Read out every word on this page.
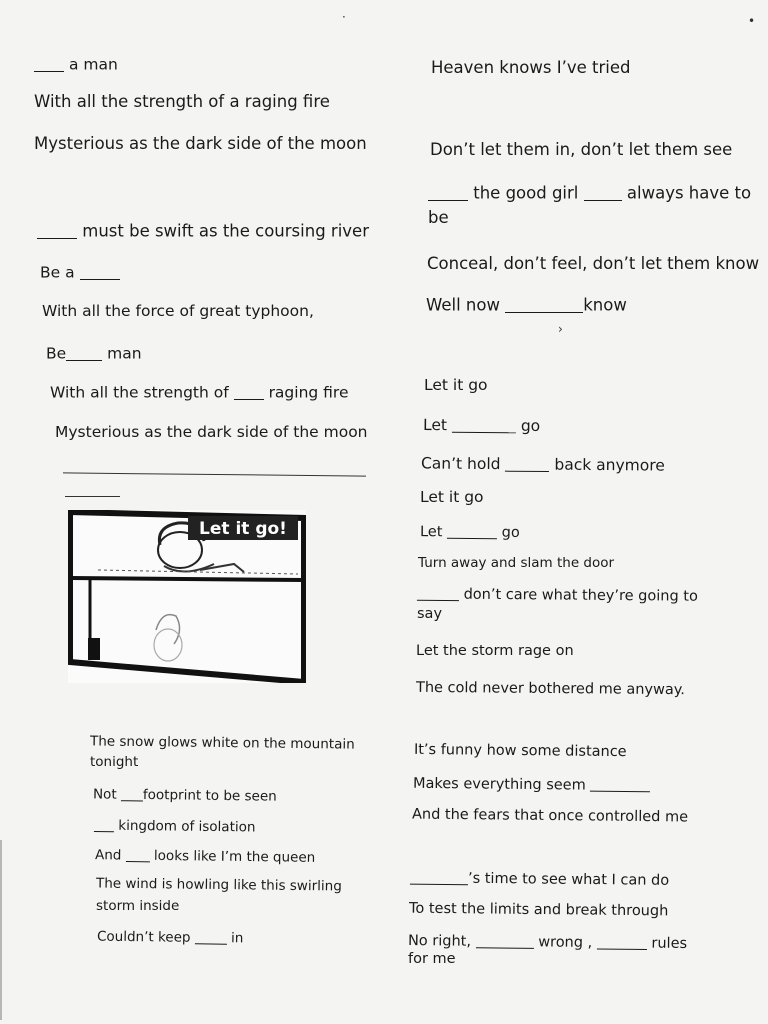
a man
With all the strength of a raging fire
Mysterious as the dark side of the moon
must be swift as the coursing river
Be a
With all the force of great typhoon,
Be	man
With all the strength of	raging fire
Mysterious as the dark side of the moon
Let it go!
The snow glows white on the mountain
tonight
Not footprint to be seen
kingdom of isolation
And looks like I’m the queen
The wind is howling like this swirling
storm inside
Couldn’t keep	in
Heaven knows I’ve tried
Don’t let them in, don’t let them see
the good girl	always have to
be
Conceal, don’t feel, don’t let them know
Well now	know
›
Let it go
Let	go
Can’t hold	back anymore
Let it go
Let	go
Turn away and slam the door
don’t care what they’re going to
say
Let the storm rage on
The cold never bothered me anyway.
It’s funny how some distance
Makes everything seem
And the fears that once controlled me
’s time to see what I can do
To test the limits and break through
No right,	wrong ,	rules
for me
·	•
